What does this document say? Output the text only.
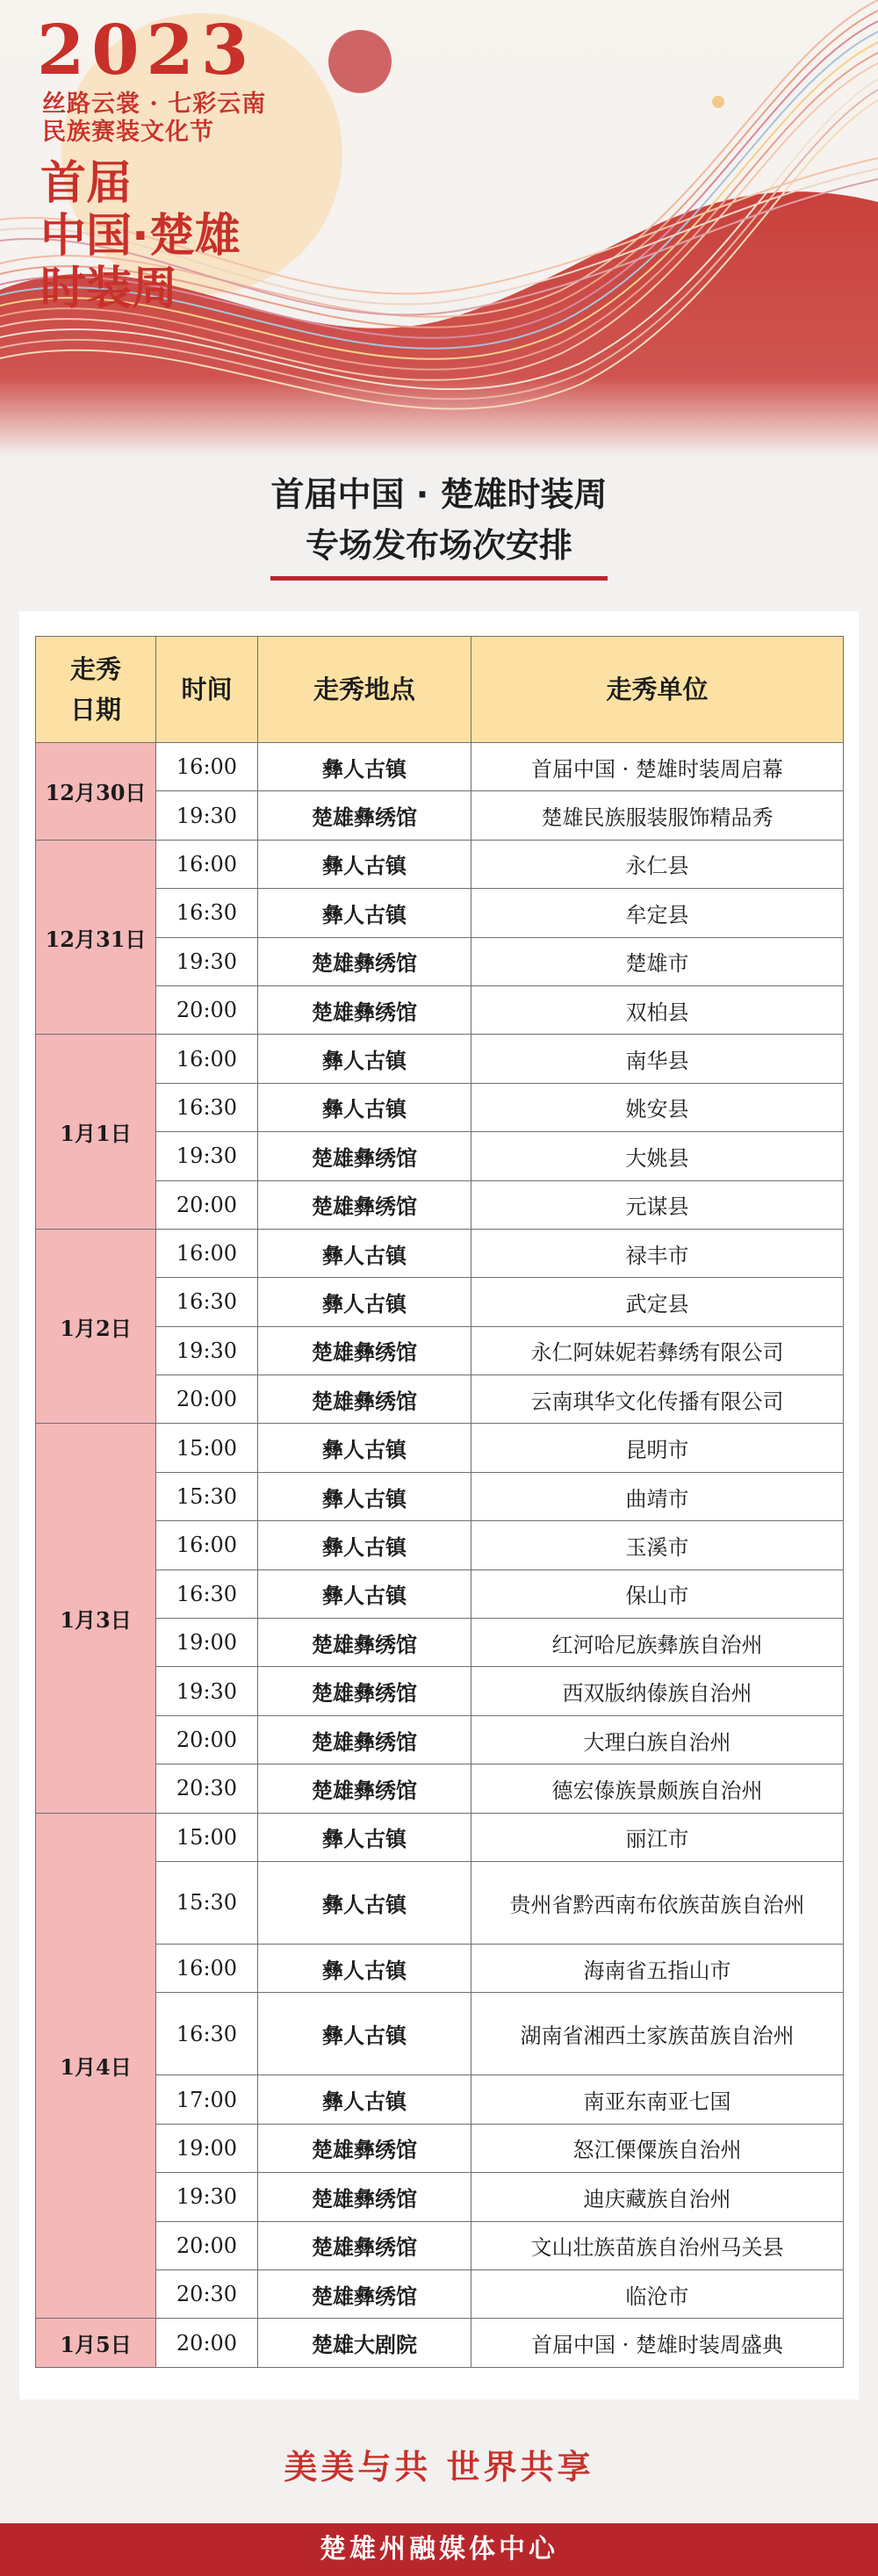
2023
丝路云裳 · 七彩云南
民族赛装文化节
首届
中国·楚雄
时装周
首届中国 · 楚雄时装周
专场发布场次安排
走秀
日期	时间	走秀地点	走秀单位
12月30日	16:00	彝人古镇	首届中国 · 楚雄时装周启幕
	19:30	楚雄彝绣馆	楚雄民族服装服饰精品秀
12月31日	16:00	彝人古镇	永仁县
	16:30	彝人古镇	牟定县
	19:30	楚雄彝绣馆	楚雄市
	20:00	楚雄彝绣馆	双柏县
1月1日	16:00	彝人古镇	南华县
	16:30	彝人古镇	姚安县
	19:30	楚雄彝绣馆	大姚县
	20:00	楚雄彝绣馆	元谋县
1月2日	16:00	彝人古镇	禄丰市
	16:30	彝人古镇	武定县
	19:30	楚雄彝绣馆	永仁阿妹妮若彝绣有限公司
	20:00	楚雄彝绣馆	云南琪华文化传播有限公司
1月3日	15:00	彝人古镇	昆明市
	15:30	彝人古镇	曲靖市
	16:00	彝人古镇	玉溪市
	16:30	彝人古镇	保山市
	19:00	楚雄彝绣馆	红河哈尼族彝族自治州
	19:30	楚雄彝绣馆	西双版纳傣族自治州
	20:00	楚雄彝绣馆	大理白族自治州
	20:30	楚雄彝绣馆	德宏傣族景颇族自治州
1月4日	15:00	彝人古镇	丽江市
	15:30	彝人古镇	贵州省黔西南布依族苗族自治州
	16:00	彝人古镇	海南省五指山市
	16:30	彝人古镇	湖南省湘西土家族苗族自治州
	17:00	彝人古镇	南亚东南亚七国
	19:00	楚雄彝绣馆	怒江傈僳族自治州
	19:30	楚雄彝绣馆	迪庆藏族自治州
	20:00	楚雄彝绣馆	文山壮族苗族自治州马关县
	20:30	楚雄彝绣馆	临沧市
1月5日	20:00	楚雄大剧院	首届中国 · 楚雄时装周盛典
美美与共 世界共享
楚雄州融媒体中心
